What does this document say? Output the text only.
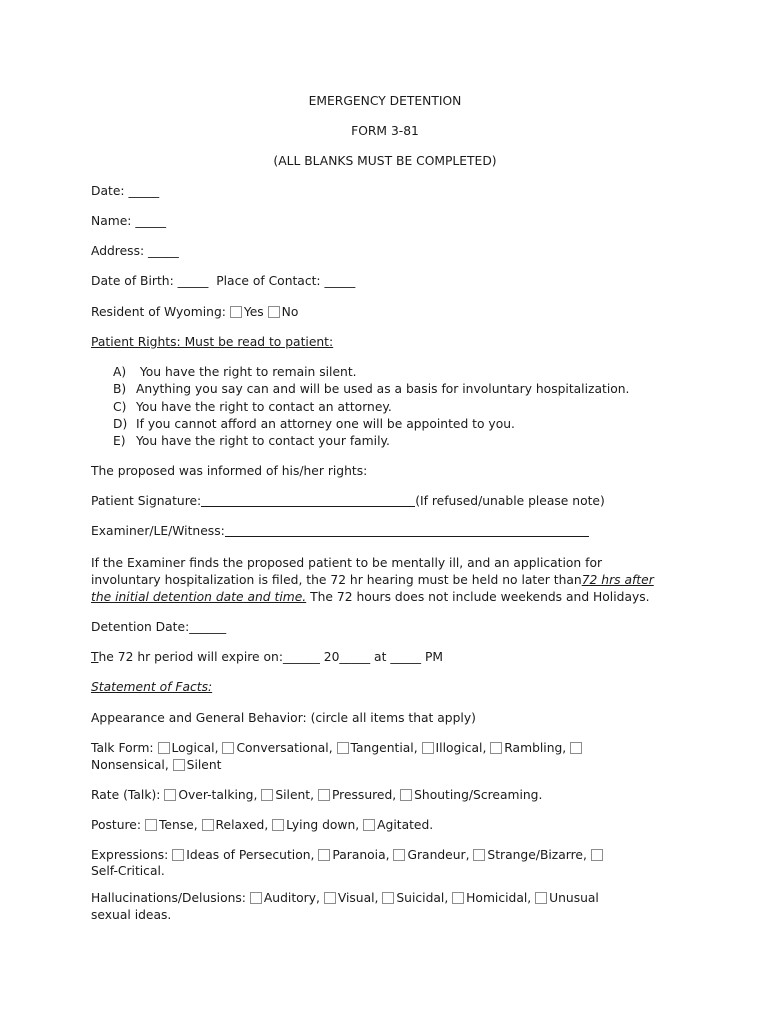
EMERGENCY DETENTION
FORM 3-81
(ALL BLANKS MUST BE COMPLETED)
Date: _____
Name: _____
Address: _____
Date of Birth: _____ Place of Contact: _____
Resident of Wyoming: Yes No
Patient Rights: Must be read to patient:
A) You have the right to remain silent.
B) Anything you say can and will be used as a basis for involuntary hospitalization.
C) You have the right to contact an attorney.
D) If you cannot afford an attorney one will be appointed to you.
E) You have the right to contact your family.
The proposed was informed of his/her rights:
Patient Signature:	(If refused/unable please note)
Examiner/LE/Witness:
If the Examiner finds the proposed patient to be mentally ill, and an application for
involuntary hospitalization is filed, the 72 hr hearing must be held no later than72 hrs after
the initial detention date and time. The 72 hours does not include weekends and Holidays.
Detention Date:______
The 72 hr period will expire on:______ 20_____ at _____ PM
Statement of Facts:
Appearance and General Behavior: (circle all items that apply)
Talk Form: Logical, Conversational, Tangential, Illogical, Rambling,
Nonsensical, Silent
Rate (Talk): Over-talking, Silent, Pressured, Shouting/Screaming.
Posture: Tense, Relaxed, Lying down, Agitated.
Expressions: Ideas of Persecution, Paranoia, Grandeur, Strange/Bizarre,
Self-Critical.
Hallucinations/Delusions: Auditory, Visual, Suicidal, Homicidal, Unusual
sexual ideas.
